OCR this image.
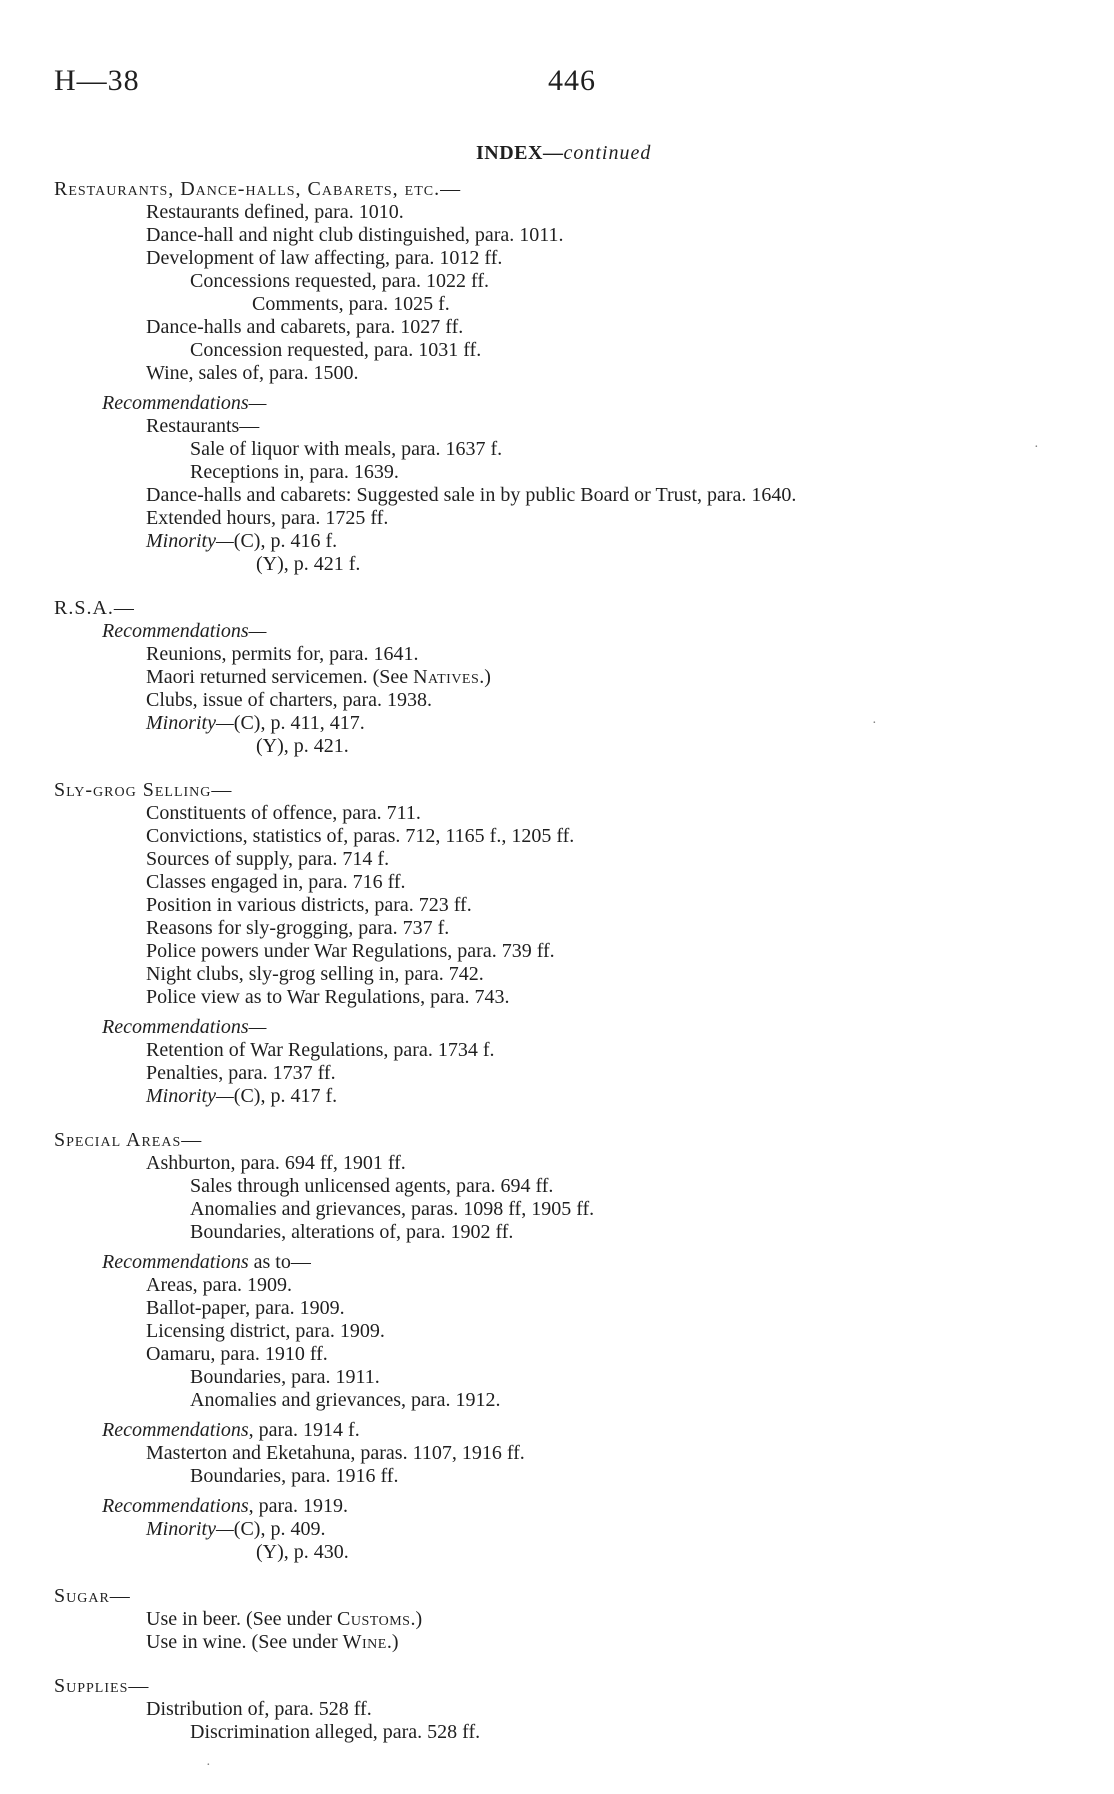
H—38	446
INDEX—continued
Restaurants, Dance-halls, Cabarets, etc.—
Restaurants defined, para. 1010.
Dance-hall and night club distinguished, para. 1011.
Development of law affecting, para. 1012 ff.
Concessions requested, para. 1022 ff.
Comments, para. 1025 f.
Dance-halls and cabarets, para. 1027 ff.
Concession requested, para. 1031 ff.
Wine, sales of, para. 1500.
Recommendations—
Restaurants—
Sale of liquor with meals, para. 1637 f.
Receptions in, para. 1639.
Dance-halls and cabarets: Suggested sale in by public Board or Trust, para. 1640.
Extended hours, para. 1725 ff.
Minority—(C), p. 416 f.
(Y), p. 421 f.
R.S.A.—
Recommendations—
Reunions, permits for, para. 1641.
Maori returned servicemen. (See Natives.)
Clubs, issue of charters, para. 1938.
Minority—(C), p. 411, 417.
(Y), p. 421.
Sly-grog Selling—
Constituents of offence, para. 711.
Convictions, statistics of, paras. 712, 1165 f., 1205 ff.
Sources of supply, para. 714 f.
Classes engaged in, para. 716 ff.
Position in various districts, para. 723 ff.
Reasons for sly-grogging, para. 737 f.
Police powers under War Regulations, para. 739 ff.
Night clubs, sly-grog selling in, para. 742.
Police view as to War Regulations, para. 743.
Recommendations—
Retention of War Regulations, para. 1734 f.
Penalties, para. 1737 ff.
Minority—(C), p. 417 f.
Special Areas—
Ashburton, para. 694 ff, 1901 ff.
Sales through unlicensed agents, para. 694 ff.
Anomalies and grievances, paras. 1098 ff, 1905 ff.
Boundaries, alterations of, para. 1902 ff.
Recommendations as to—
Areas, para. 1909.
Ballot-paper, para. 1909.
Licensing district, para. 1909.
Oamaru, para. 1910 ff.
Boundaries, para. 1911.
Anomalies and grievances, para. 1912.
Recommendations, para. 1914 f.
Masterton and Eketahuna, paras. 1107, 1916 ff.
Boundaries, para. 1916 ff.
Recommendations, para. 1919.
Minority—(C), p. 409.
(Y), p. 430.
Sugar—
Use in beer. (See under Customs.)
Use in wine. (See under Wine.)
Supplies—
Distribution of, para. 528 ff.
Discrimination alleged, para. 528 ff.
·
·
·
